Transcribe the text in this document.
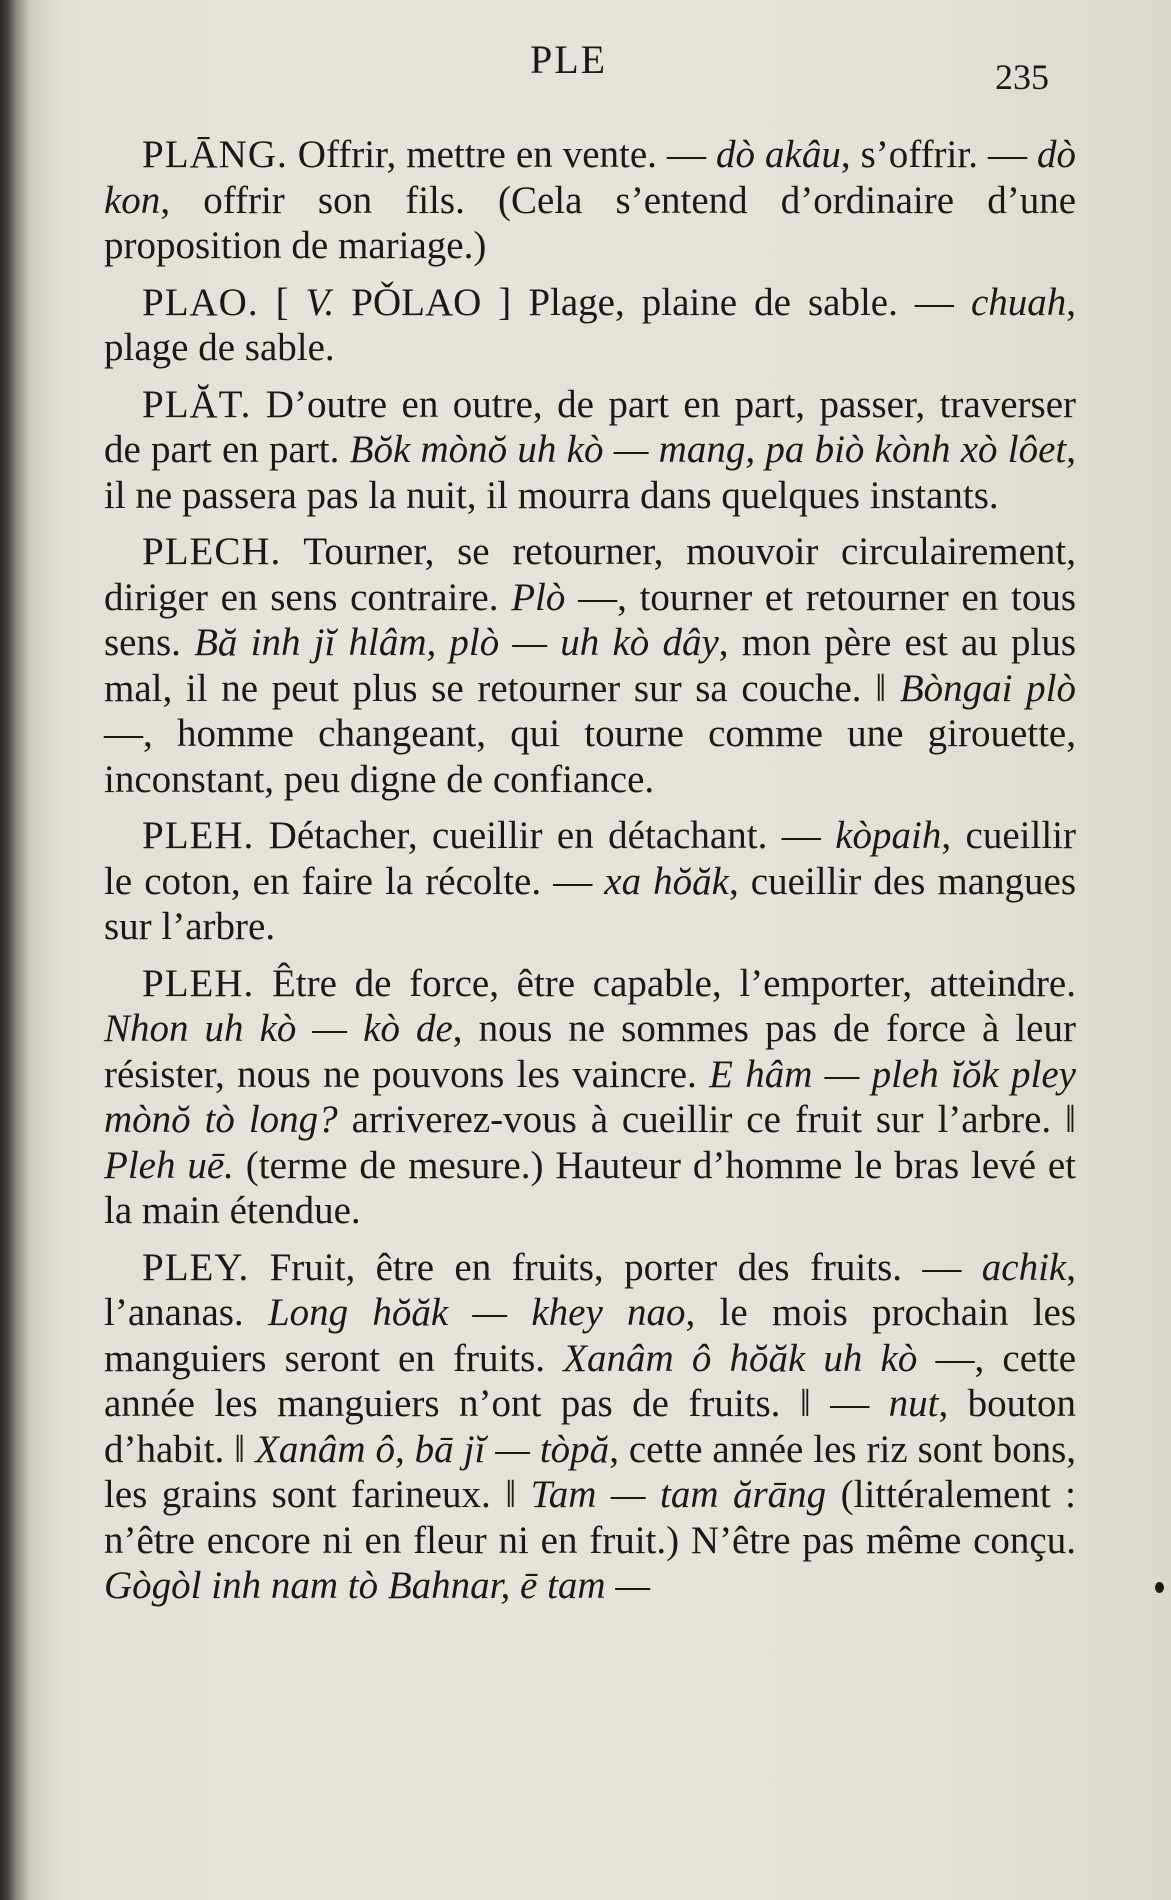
PLE	235

PLĀNG. Offrir, mettre en vente. — dò akâu, s’offrir. — dò kon, offrir son fils. (Cela s’entend d’ordinaire d’une proposition de mariage.)

PLAO. [ V. PǑLAO ] Plage, plaine de sable. — chuah, plage de sable.

PLĂT. D’outre en outre, de part en part, passer, traverser de part en part. Bŏk mònŏ uh kò — mang, pa biò kònh xò lôet, il ne passera pas la nuit, il mourra dans quelques instants.

PLECH. Tourner, se retourner, mouvoir circulairement, diriger en sens contraire. Plò —, tourner et retourner en tous sens. Bă inh jĭ hlâm, plò — uh kò dây, mon père est au plus mal, il ne peut plus se retourner sur sa couche. ‖ Bòngai plò —, homme changeant, qui tourne comme une girouette, inconstant, peu digne de confiance.

PLEH. Détacher, cueillir en détachant. — kòpaih, cueillir le coton, en faire la récolte. — xa hŏăk, cueillir des mangues sur l’arbre.

PLEH. Être de force, être capable, l’emporter, atteindre. Nhon uh kò — kò de, nous ne sommes pas de force à leur résister, nous ne pouvons les vaincre. E hâm — pleh ĭŏk pley mònŏ tò long? arriverez-vous à cueillir ce fruit sur l’arbre. ‖ Pleh uē. (terme de mesure.) Hauteur d’homme le bras levé et la main étendue.

PLEY. Fruit, être en fruits, porter des fruits. — achik, l’ananas. Long hŏăk — khey nao, le mois prochain les manguiers seront en fruits. Xanâm ô hŏăk uh kò —, cette année les manguiers n’ont pas de fruits. ‖ — nut, bouton d’habit. ‖ Xanâm ô, bā jĭ — tòpă, cette année les riz sont bons, les grains sont farineux. ‖ Tam — tam ărāng (littéralement : n’être encore ni en fleur ni en fruit.) N’être pas même conçu. Gògòl inh nam tò Bahnar, ē tam —
